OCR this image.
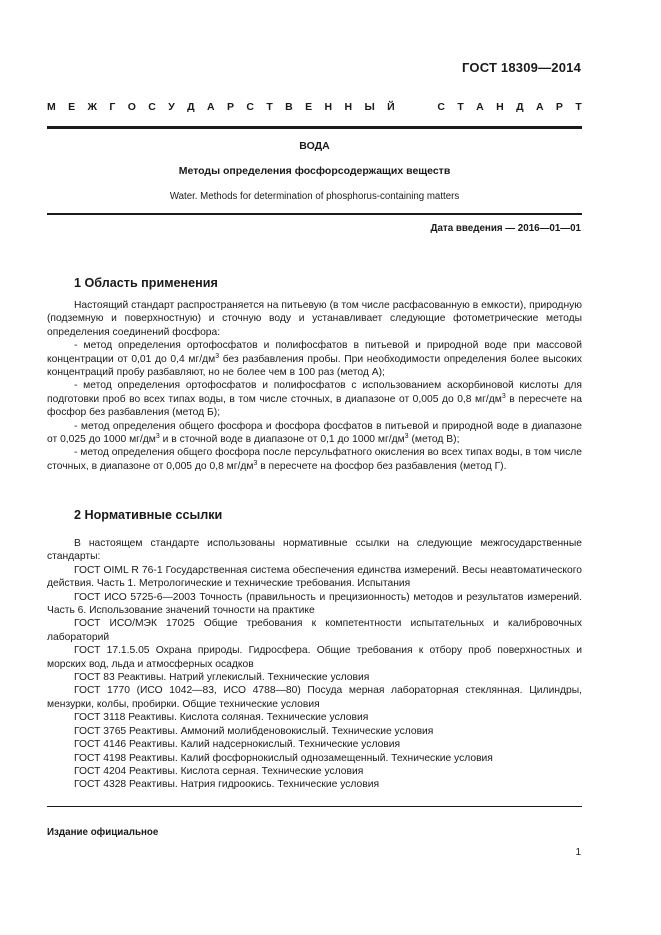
ГОСТ 18309—2014
М Е Ж Г О С У Д А Р С Т В Е Н Н Ы Й	С Т А Н Д А Р Т
ВОДА
Методы определения фосфорсодержащих веществ
Water. Methods for determination of phosphorus-containing matters
Дата введения — 2016—01—01
1 Область применения

Настоящий стандарт распространяется на питьевую (в том числе расфасованную в емкости), природную (подземную и поверхностную) и сточную воду и устанавливает следующие фотометрические методы определения соединений фосфора:

- метод определения ортофосфатов и полифосфатов в питьевой и природной воде при массовой концентрации от 0,01 до 0,4 $мг/дм^3$ без разбавления пробы. При необходимости определения более высоких концентраций пробу разбавляют, но не более чем в 100 раз (метод А);

- метод определения ортофосфатов и полифосфатов с использованием аскорбиновой кислоты для подготовки проб во всех типах воды, в том числе сточных, в диапазоне от 0,005 до 0,8 $мг/дм^3$ в пересчете на фосфор без разбавления (метод Б);

- метод определения общего фосфора и фосфора фосфатов в питьевой и природной воде в диапазоне от 0,025 до 1000 $мг/дм^3$ и в сточной воде в диапазоне от 0,1 до 1000 $мг/дм^3$ (метод В);

- метод определения общего фосфора после персульфатного окисления во всех типах воды, в том числе сточных, в диапазоне от 0,005 до 0,8 $мг/дм^3$ в пересчете на фосфор без разбавления (метод Г).

2 Нормативные ссылки

В настоящем стандарте использованы нормативные ссылки на следующие межгосударственные стандарты:

ГОСТ OIML R 76-1 Государственная система обеспечения единства измерений. Весы неавтоматического действия. Часть 1. Метрологические и технические требования. Испытания

ГОСТ ИСО 5725-6—2003 Точность (правильность и прецизионность) методов и результатов измерений. Часть 6. Использование значений точности на практике

ГОСТ ИСО/МЭК 17025 Общие требования к компетентности испытательных и калибровочных лабораторий

ГОСТ 17.1.5.05 Охрана природы. Гидросфера. Общие требования к отбору проб поверхностных и морских вод, льда и атмосферных осадков

ГОСТ 83 Реактивы. Натрий углекислый. Технические условия

ГОСТ 1770 (ИСО 1042—83, ИСО 4788—80) Посуда мерная лабораторная стеклянная. Цилиндры, мензурки, колбы, пробирки. Общие технические условия

ГОСТ 3118 Реактивы. Кислота соляная. Технические условия

ГОСТ 3765 Реактивы. Аммоний молибденовокислый. Технические условия

ГОСТ 4146 Реактивы. Калий надсернокислый. Технические условия

ГОСТ 4198 Реактивы. Калий фосфорнокислый однозамещенный. Технические условия

ГОСТ 4204 Реактивы. Кислота серная. Технические условия

ГОСТ 4328 Реактивы. Натрия гидроокись. Технические условия

Издание официальное
1
